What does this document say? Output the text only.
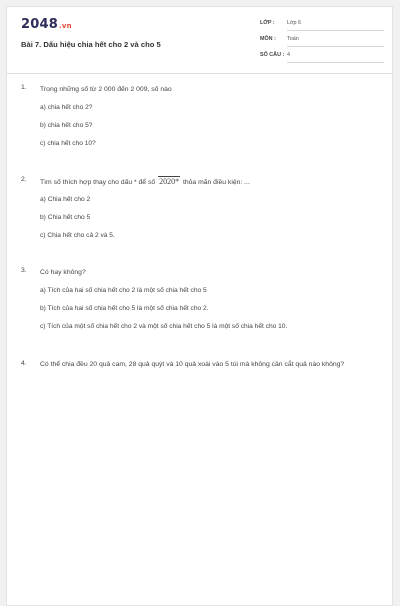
2048.vn
Bài 7. Dấu hiệu chia hết cho 2 và cho 5
LỚP : Lớp 6
MÔN : Toán
SỐ CÂU : 4
1. Trong những số từ 2 000 đến 2 009, số nào
a) chia hết cho 2?
b) chia hết cho 5?
c) chia hết cho 10?
2. Tìm số thích hợp thay cho dấu * để số 2020* thỏa mãn điều kiện: ...
a) Chia hết cho 2
b) Chia hết cho 5
c) Chia hết cho cả 2 và 5.
3. Có hay không?
a) Tích của hai số chia hết cho 2 là một số chia hết cho 5
b) Tích của hai số chia hết cho 5 là một số chia hết cho 2.
c) Tích của một số chia hết cho 2 và một số chia hết cho 5 là một số chia hết cho 10.
4. Có thể chia đều 20 quả cam, 28 quả quýt và 10 quả xoài vào 5 túi mà không cần cắt quả nào không?
